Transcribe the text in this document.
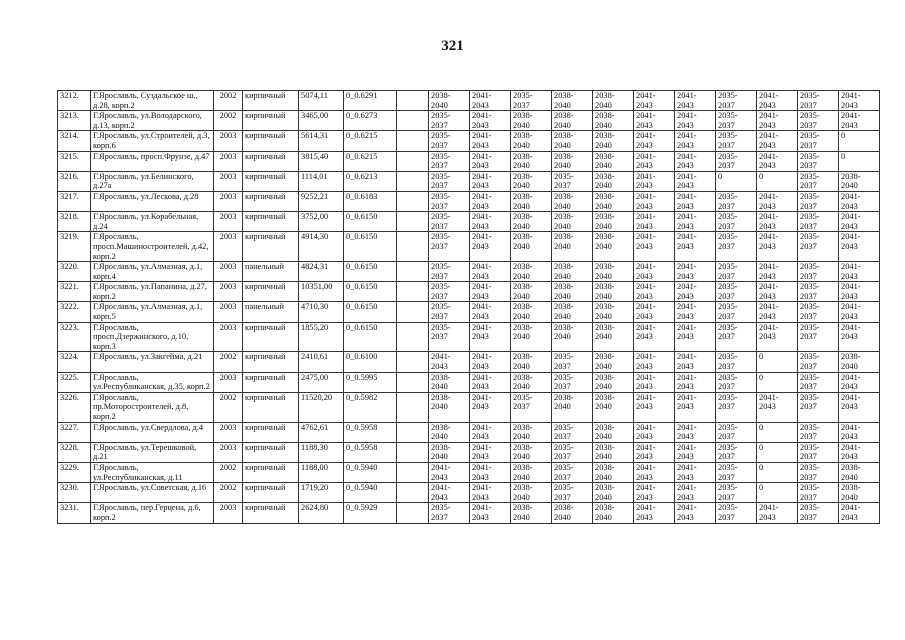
321
3212.	Г.Ярославль, Суздальское ш., д.28, корп.2	2002	кирпичный	5074,11	0_0.6291		2038-2040	2041-2043	2035-2037	2038-2040	2038-2040	2041-2043	2041-2043	2035-2037	2041-2043	2035-2037	2041-2043
3213.	Г.Ярославль, ул.Володарского, д.13, корп.2	2002	кирпичный	3465,00	0_0.6273		2035-2037	2041-2043	2038-2040	2038-2040	2038-2040	2041-2043	2041-2043	2035-2037	2041-2043	2035-2037	2041-2043
3214.	Г.Ярославль, ул.Строителей, д.3, корп.6	2003	кирпичный	5614,31	0_0.6215		2035-2037	2041-2043	2038-2040	2038-2040	2038-2040	2041-2043	2041-2043	2035-2037	2041-2043	2035-2037	0
3215.	Г.Ярославль, просп.Фрунзе, д.47	2003	кирпичный	3815,40	0_0.6215		2035-2037	2041-2043	2038-2040	2038-2040	2038-2040	2041-2043	2041-2043	2035-2037	2041-2043	2035-2037	0
3216.	Г.Ярославль, ул.Белинского, д.27а	2003	кирпичный	1114,01	0_0.6213		2035-2037	2041-2043	2038-2040	2035-2037	2038-2040	2041-2043	2041-2043	0	0	2035-2037	2038-2040
3217.	Г.Ярославль, ул.Лескова, д.28	2003	кирпичный	9252,21	0_0.6183		2035-2037	2041-2043	2038-2040	2038-2040	2038-2040	2041-2043	2041-2043	2035-2037	2041-2043	2035-2037	2041-2043
3218.	Г.Ярославль, ул.Корабельная, д.24	2003	кирпичный	3752,00	0_0.6150		2035-2037	2041-2043	2038-2040	2038-2040	2038-2040	2041-2043	2041-2043	2035-2037	2041-2043	2035-2037	2041-2043
3219.	Г.Ярославль, просп.Машиностроителей, д.42, корп.2	2003	кирпичный	4914,30	0_0.6150		2035-2037	2041-2043	2038-2040	2038-2040	2038-2040	2041-2043	2041-2043	2035-2037	2041-2043	2035-2037	2041-2043
3220.	Г.Ярославль, ул.Алмазная, д.1, корп.4	2003	панельный	4824,31	0_0.6150		2035-2037	2041-2043	2038-2040	2038-2040	2038-2040	2041-2043	2041-2043	2035-2037	2041-2043	2035-2037	2041-2043
3221.	Г.Ярославль, ул.Папанина, д.27, корп.2	2003	кирпичный	10351,00	0_0.6150		2035-2037	2041-2043	2038-2040	2038-2040	2038-2040	2041-2043	2041-2043	2035-2037	2041-2043	2035-2037	2041-2043
3222.	Г.Ярославль, ул.Алмазная, д.1, корп.5	2003	панельный	4710,30	0_0.6150		2035-2037	2041-2043	2038-2040	2038-2040	2038-2040	2041-2043	2041-2043	2035-2037	2041-2043	2035-2037	2041-2043
3223.	Г.Ярославль, просп.Дзержинского, д.10, корп.3	2003	кирпичный	1855,20	0_0.6150		2035-2037	2041-2043	2038-2040	2038-2040	2038-2040	2041-2043	2041-2043	2035-2037	2041-2043	2035-2037	2041-2043
3224.	Г.Ярославль, ул.Закгейма, д.21	2002	кирпичный	2410,61	0_0.6100		2041-2043	2041-2043	2038-2040	2035-2037	2038-2040	2041-2043	2041-2043	2035-2037	0	2035-2037	2038-2040
3225.	Г.Ярославль, ул.Республиканская, д.35, корп.2	2003	кирпичный	2475,00	0_0.5995		2038-2040	2041-2043	2038-2040	2035-2037	2038-2040	2041-2043	2041-2043	2035-2037	0	2035-2037	2041-2043
3226.	Г.Ярославль, пр.Моторостроителей, д.8, корп.2	2002	кирпичный	11520,20	0_0.5982		2038-2040	2041-2043	2035-2037	2038-2040	2038-2040	2041-2043	2041-2043	2035-2037	2041-2043	2035-2037	2041-2043
3227.	Г.Ярославль, ул.Свердлова, д.4	2003	кирпичный	4762,61	0_0.5958		2038-2040	2041-2043	2038-2040	2035-2037	2038-2040	2041-2043	2041-2043	2035-2037	0	2035-2037	2041-2043
3228.	Г.Ярославль, ул.Терешковой, д.21	2003	кирпичный	1188,30	0_0.5958		2038-2040	2041-2043	2038-2040	2035-2037	2038-2040	2041-2043	2041-2043	2035-2037	0	2035-2037	2041-2043
3229.	Г.Ярославль, ул.Республиканская, д.11	2002	кирпичный	1188,00	0_0.5940		2041-2043	2041-2043	2038-2040	2035-2037	2038-2040	2041-2043	2041-2043	2035-2037	0	2035-2037	2038-2040
3230.	Г.Ярославль, ул.Советская, д.16	2002	кирпичный	1719,20	0_0.5940		2041-2043	2041-2043	2038-2040	2035-2037	2038-2040	2041-2043	2041-2043	2035-2037	0	2035-2037	2038-2040
3231.	Г.Ярославль, пер.Герцена, д.6, корп.2	2003	кирпичный	2624,80	0_0.5929		2035-2037	2041-2043	2038-2040	2038-2040	2038-2040	2041-2043	2041-2043	2035-2037	2041-2043	2035-2037	2041-2043
